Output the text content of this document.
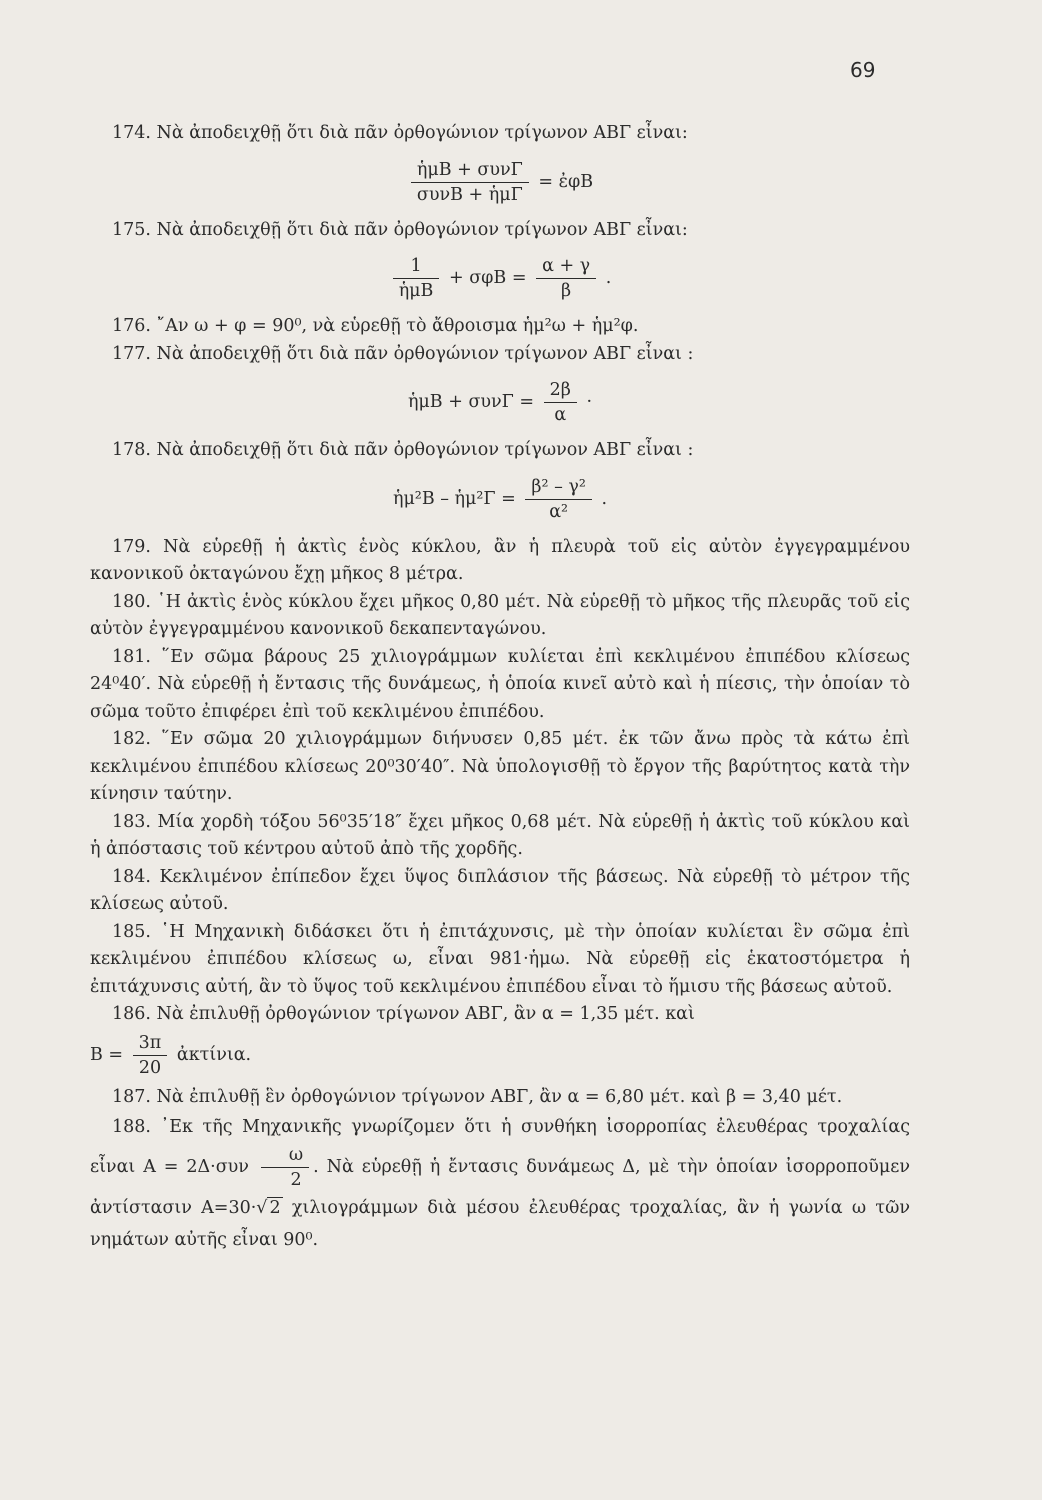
69

174. Νὰ ἀποδειχθῇ ὅτι διὰ πᾶν ὀρθογώνιον τρίγωνον ΑΒΓ εἶναι:

$\frac{\text{ἡμΒ + συνΓ}}{\text{συνΒ + ἡμΓ}}$ = ἐφΒ

175. Νὰ ἀποδειχθῇ ὅτι διὰ πᾶν ὀρθογώνιον τρίγωνον ΑΒΓ εἶναι:

$\frac{1}{\text{ἡμΒ}} + \sigma\varphi B = \frac{\alpha + \gamma}{\beta}$ .

176. ῎Αν ω + φ = 90⁰, νὰ εὑρεθῇ τὸ ἄθροισμα ἡμ²ω + ἡμ²φ.

177. Νὰ ἀποδειχθῇ ὅτι διὰ πᾶν ὀρθογώνιον τρίγωνον ΑΒΓ εἶναι :

ἡμΒ + $\sigma\upsilon\nu\Gamma = \frac{2\beta}{\alpha}$ ·

178. Νὰ ἀποδειχθῇ ὅτι διὰ πᾶν ὀρθογώνιον τρίγωνον ΑΒΓ εἶναι :

ἡμ²Β – ἡμ²Γ = $\frac{\text{β² – γ²}}{\text{α²}}$ .

179. Νὰ εὑρεθῇ ἡ ἀκτὶς ἑνὸς κύκλου, ἂν ἡ πλευρὰ τοῦ εἰς αὐτὸν ἐγγεγραμμένου κανονικοῦ ὀκταγώνου ἔχῃ μῆκος 8 μέτρα.

180. ῾Η ἀκτὶς ἑνὸς κύκλου ἔχει μῆκος 0,80 μέτ. Νὰ εὑρεθῇ τὸ μῆκος τῆς πλευρᾶς τοῦ εἰς αὐτὸν ἐγγεγραμμένου κανονικοῦ δεκαπενταγώνου.

181. ῞Εν σῶμα βάρους 25 χιλιογράμμων κυλίεται ἐπὶ κεκλιμένου ἐπιπέδου κλίσεως 24⁰40′. Νὰ εὑρεθῇ ἡ ἔντασις τῆς δυνάμεως, ἡ ὁποία κινεῖ αὐτὸ καὶ ἡ πίεσις, τὴν ὁποίαν τὸ σῶμα τοῦτο ἐπιφέρει ἐπὶ τοῦ κεκλιμένου ἐπιπέδου.

182. ῞Εν σῶμα 20 χιλιογράμμων διήνυσεν 0,85 μέτ. ἐκ τῶν ἄνω πρὸς τὰ κάτω ἐπὶ κεκλιμένου ἐπιπέδου κλίσεως 20⁰30′40″. Νὰ ὑπολογισθῇ τὸ ἔργον τῆς βαρύτητος κατὰ τὴν κίνησιν ταύτην.

183. Μία χορδὴ τόξου 56⁰35′18″ ἔχει μῆκος 0,68 μέτ. Νὰ εὑρεθῇ ἡ ἀκτὶς τοῦ κύκλου καὶ ἡ ἀπόστασις τοῦ κέντρου αὐτοῦ ἀπὸ τῆς χορδῆς.

184. Κεκλιμένον ἐπίπεδον ἔχει ὕψος διπλάσιον τῆς βάσεως. Νὰ εὑρεθῇ τὸ μέτρον τῆς κλίσεως αὐτοῦ.

185. ῾Η Μηχανικὴ διδάσκει ὅτι ἡ ἐπιτάχυνσις, μὲ τὴν ὁποίαν κυλίεται ἓν σῶμα ἐπὶ κεκλιμένου ἐπιπέδου κλίσεως ω, εἶναι 981·ἡμω. Νὰ εὑρεθῇ εἰς ἑκατοστόμετρα ἡ ἐπιτάχυνσις αὐτή, ἂν τὸ ὕψος τοῦ κεκλιμένου ἐπιπέδου εἶναι τὸ ἥμισυ τῆς βάσεως αὐτοῦ.

186. Νὰ ἐπιλυθῇ ὀρθογώνιον τρίγωνον ΑΒΓ, ἂν α = 1,35 μέτ. καὶ

$B = \frac{3\pi}{20}$ ἀκτίνια.

187. Νὰ ἐπιλυθῇ ἓν ὀρθογώνιον τρίγωνον ΑΒΓ, ἂν α = 6,80 μέτ. καὶ β = 3,40 μέτ.

188. ᾽Εκ τῆς Μηχανικῆς γνωρίζομεν ὅτι ἡ συνθήκη ἰσορροπίας ἐλευθέρας τροχαλίας εἶναι $A = 2\Delta\cdot\sigma\upsilon\nu \frac{\omega}{2}$ . Νὰ εὑρεθῇ ἡ ἔντασις δυνάμεως Δ, μὲ τὴν ὁποίαν ἰσορροποῦμεν ἀντίστασιν Α=30·√ 2 χιλιογράμμων διὰ μέσου ἐλευθέρας τροχαλίας, ἂν ἡ γωνία ω τῶν νημάτων αὐτῆς εἶναι 90⁰.
